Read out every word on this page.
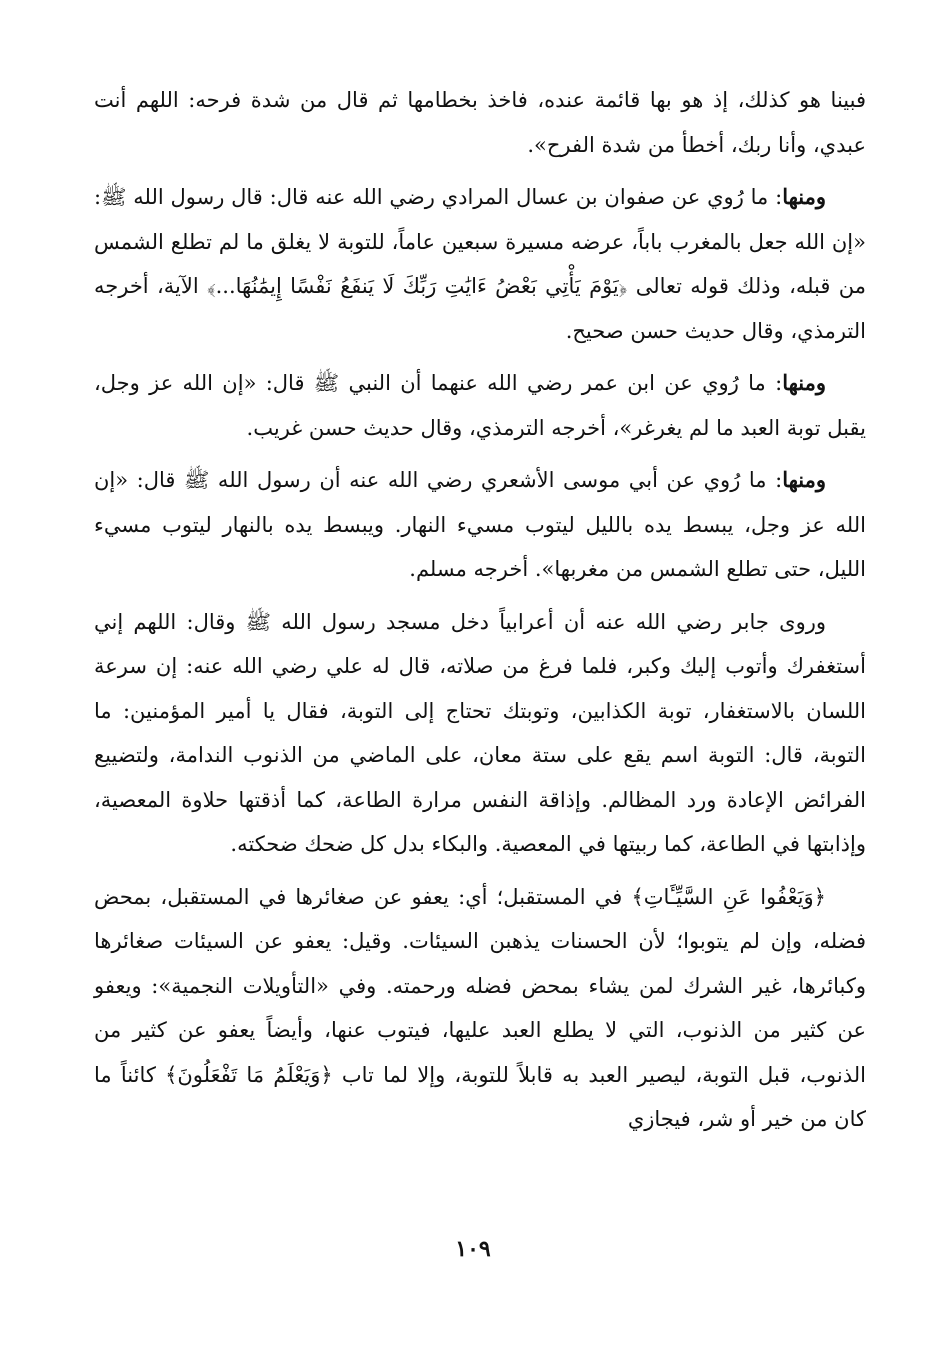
فبينا هو كذلك، إذ هو بها قائمة عنده، فاخذ بخطامها ثم قال من شدة فرحه: اللهم أنت عبدي، وأنا ربك، أخطأ من شدة الفرح».

ومنها: ما رُوي عن صفوان بن عسال المرادي رضي الله عنه قال: قال رسول الله ﷺ: «إن الله جعل بالمغرب باباً، عرضه مسيرة سبعين عاماً، للتوبة لا يغلق ما لم تطلع الشمس من قبله، وذلك قوله تعالى ﴿يَوْمَ يَأْتِي بَعْضُ ءَايَٰتِ رَبِّكَ لَا يَنفَعُ نَفْسًا إِيمَٰنُهَا...﴾ الآية، أخرجه الترمذي، وقال حديث حسن صحيح.

ومنها: ما رُوي عن ابن عمر رضي الله عنهما أن النبي ﷺ قال: «إن الله عز وجل، يقبل توبة العبد ما لم يغرغر»، أخرجه الترمذي، وقال حديث حسن غريب.

ومنها: ما رُوي عن أبي موسى الأشعري رضي الله عنه أن رسول الله ﷺ قال: «إن الله عز وجل، يبسط يده بالليل ليتوب مسيء النهار. ويبسط يده بالنهار ليتوب مسيء الليل، حتى تطلع الشمس من مغربها». أخرجه مسلم.

وروى جابر رضي الله عنه أن أعرابياً دخل مسجد رسول الله ﷺ وقال: اللهم إني أستغفرك وأتوب إليك وكبر، فلما فرغ من صلاته، قال له علي رضي الله عنه: إن سرعة اللسان بالاستغفار، توبة الكذابين، وتوبتك تحتاج إلى التوبة، فقال يا أمير المؤمنين: ما التوبة، قال: التوبة اسم يقع على ستة معان، على الماضي من الذنوب الندامة، ولتضييع الفرائض الإعادة ورد المظالم. وإذاقة النفس مرارة الطاعة، كما أذقتها حلاوة المعصية، وإذابتها في الطاعة، كما ربيتها في المعصية. والبكاء بدل كل ضحك ضحكته.

﴿وَيَعْفُوا عَنِ السَّيِّـَٔاتِ﴾ في المستقبل؛ أي: يعفو عن صغائرها في المستقبل، بمحض فضله، وإن لم يتوبوا؛ لأن الحسنات يذهبن السيئات. وقيل: يعفو عن السيئات صغائرها وكبائرها، غير الشرك لمن يشاء بمحض فضله ورحمته. وفي «التأويلات النجمية»: ويعفو عن كثير من الذنوب، التي لا يطلع العبد عليها، فيتوب عنها، وأيضاً يعفو عن كثير من الذنوب، قبل التوبة، ليصير العبد به قابلاً للتوبة، وإلا لما تاب ﴿وَيَعْلَمُ مَا تَفْعَلُونَ﴾ كائناً ما كان من خير أو شر، فيجازي

١٠٩
